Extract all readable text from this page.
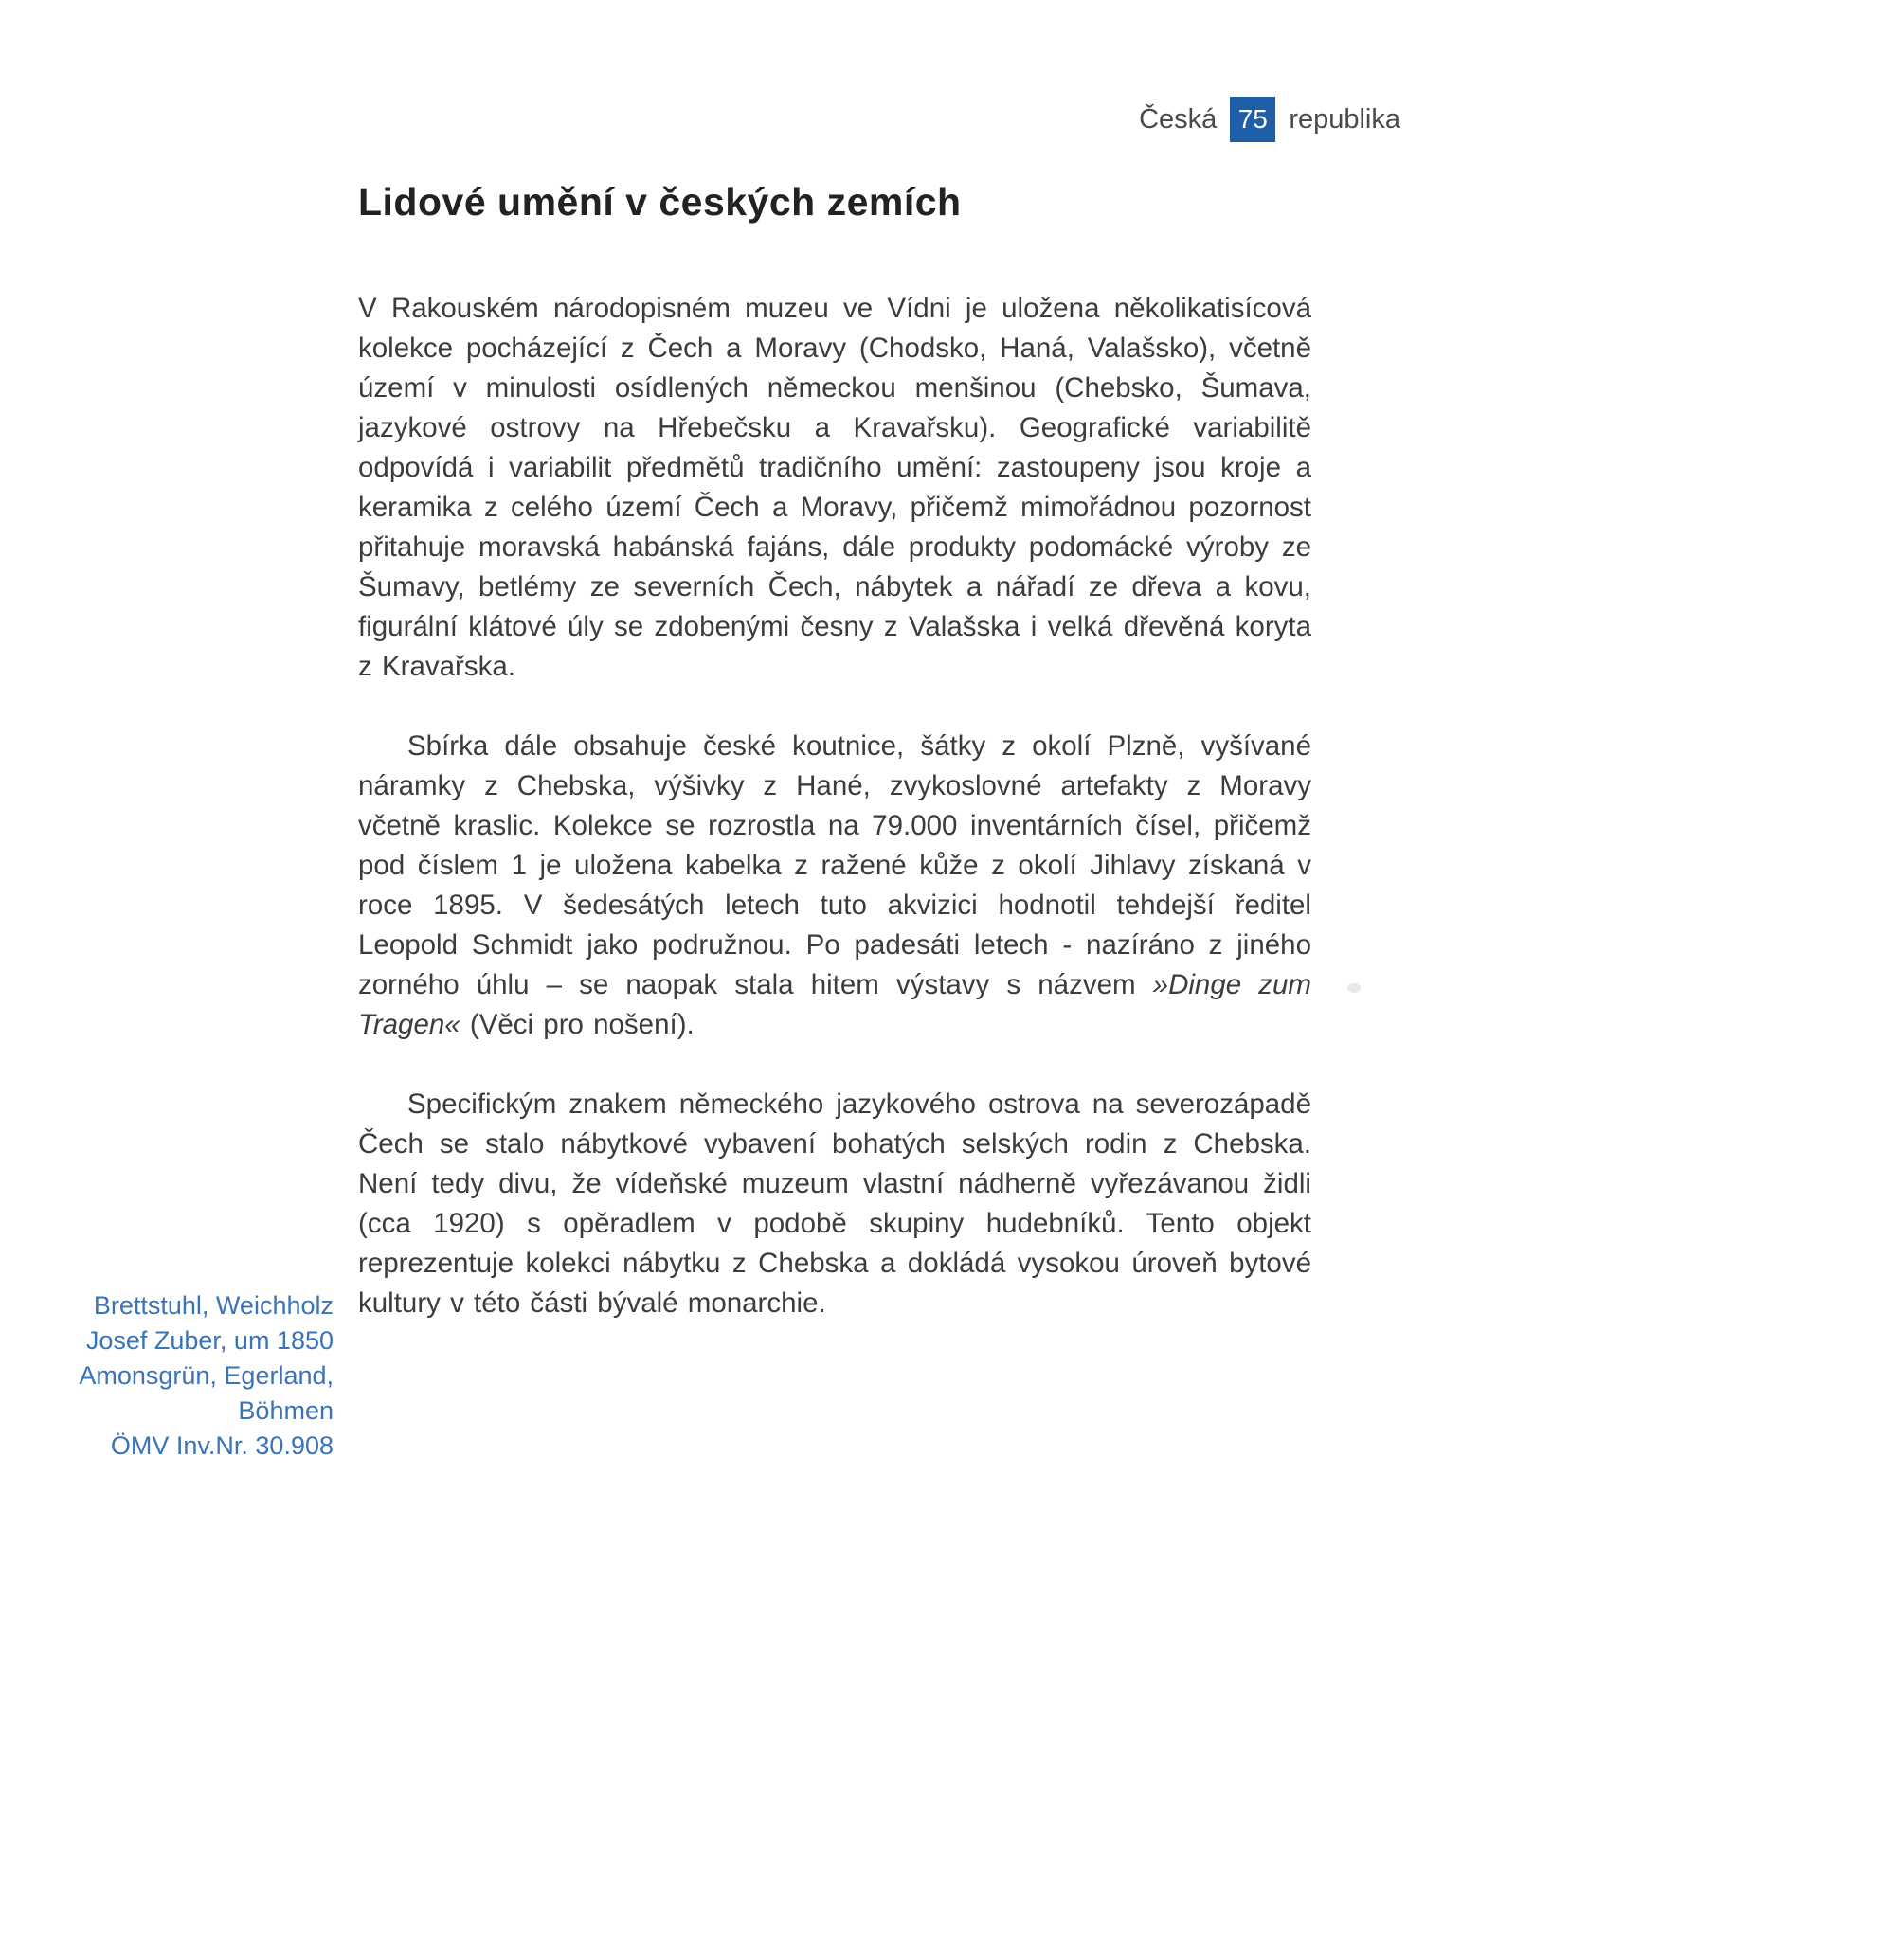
Česká 75 republika
Lidové umění v českých zemích

V Rakouském národopisném muzeu ve Vídni je uložena několikatisícová kolekce pocházející z Čech a Moravy (Chodsko, Haná, Valašsko), včetně území v minulosti osídlených německou menšinou (Chebsko, Šumava, jazykové ostrovy na Hřebečsku a Kravařsku). Geografické variabilitě odpovídá i variabilit předmětů tradičního umění: zastoupeny jsou kroje a keramika z celého území Čech a Moravy, přičemž mimořádnou pozornost přitahuje moravská habánská fajáns, dále produkty podomácké výroby ze Šumavy, betlémy ze severních Čech, nábytek a nářadí ze dřeva a kovu, figurální klátové úly se zdobenými česny z Valašska i velká dřevěná koryta z Kravařska.

Sbírka dále obsahuje české koutnice, šátky z okolí Plzně, vyšívané náramky z Chebska, výšivky z Hané, zvykoslovné artefakty z Moravy včetně kraslic. Kolekce se rozrostla na 79.000 inventárních čísel, přičemž pod číslem 1 je uložena kabelka z ražené kůže z okolí Jihlavy získaná v roce 1895. V šedesátých letech tuto akvizici hodnotil tehdejší ředitel Leopold Schmidt jako podružnou. Po padesáti letech - nazíráno z jiného zorného úhlu – se naopak stala hitem výstavy s názvem »Dinge zum Tragen« (Věci pro nošení).

Specifickým znakem německého jazykového ostrova na severozápadě Čech se stalo nábytkové vybavení bohatých selských rodin z Chebska. Není tedy divu, že vídeňské muzeum vlastní nádherně vyřezávanou židli (cca 1920) s opěradlem v podobě skupiny hudebníků. Tento objekt reprezentuje kolekci nábytku z Chebska a dokládá vysokou úroveň bytové kultury v této části bývalé monarchie.

Brettstuhl, Weichholz
Josef Zuber, um 1850
Amonsgrün, Egerland, Böhmen
ÖMV Inv.Nr. 30.908
